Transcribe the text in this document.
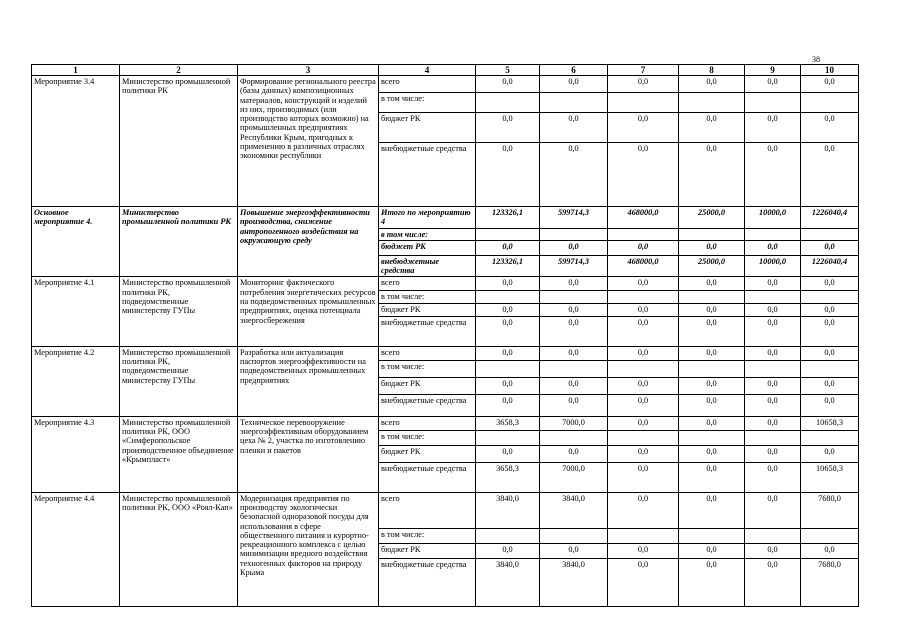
38
1	2	3	4	5	6	7	8	9	10
Мероприятие 3.4	Министерство промышленной политики РК	Формирование регионального реестра (базы данных) композиционных материалов, конструкций и изделий из них, производимых (или производство которых возможно) на промышленных предприятиях Республики Крым, пригодных к применению в различных отраслях экономики республики	всего	0,0	0,0	0,0	0,0	0,0	0,0
			в том числе:						
			бюджет РК	0,0	0,0	0,0	0,0	0,0	0,0
			внебюджетные средства	0,0	0,0	0,0	0,0	0,0	0,0
Основное мероприятие 4.	Министерство промышленной политики РК	Повышение энергоэффективности производства, снижение антропогенного воздействия на окружающую среду	Итого по мероприятию 4	123326,1	599714,3	468000,0	25000,0	10000,0	1226040,4
			в том числе:						
			бюджет РК	0,0	0,0	0,0	0,0	0,0	0,0
			внебюджетные средства	123326,1	599714,3	468000,0	25000,0	10000,0	1226040,4
Мероприятие 4.1	Министерство промышленной политики РК, подведомственные министерству ГУПы	Мониторинг фактического потребления энергетических ресурсов на подведомственных промышленных предприятиях, оценка потенциала энергосбережения	всего	0,0	0,0	0,0	0,0	0,0	0,0
			в том числе:						
			бюджет РК	0,0	0,0	0,0	0,0	0,0	0,0
			внебюджетные средства	0,0	0,0	0,0	0,0	0,0	0,0
Мероприятие 4.2	Министерство промышленной политики РК, подведомственные министерству ГУПы	Разработка или актуализация паспортов энергоэффективности на подведомственных промышленных предприятиях	всего	0,0	0,0	0,0	0,0	0,0	0,0
			в том числе:						
			бюджет РК	0,0	0,0	0,0	0,0	0,0	0,0
			внебюджетные средства	0,0	0,0	0,0	0,0	0,0	0,0
Мероприятие 4.3	Министерство промышленной политики РК, ООО «Симферопольское производственное объединение «Крымпласт»	Техническое перевооружение энергоэффективным оборудованием цеха № 2, участка по изготовлению пленки и пакетов	всего	3658,3	7000,0	0,0	0,0	0,0	10658,3
			в том числе:						
			бюджет РК	0,0	0,0	0,0	0,0	0,0	0,0
			внебюджетные средства	3658,3	7000,0	0,0	0,0	0,0	10658,3
Мероприятие 4.4	Министерство промышленной политики РК, ООО «Роял-Кап»	Модернизация предприятия по производству экологически безопасной одноразовой посуды для использования в сфере общественного питания и курортно-рекреационного комплекса с целью минимизации вредного воздействия техногенных факторов на природу Крыма	всего	3840,0	3840,0	0,0	0,0	0,0	7680,0
			в том числе:						
			бюджет РК	0,0	0,0	0,0	0,0	0,0	0,0
			внебюджетные средства	3840,0	3840,0	0,0	0,0	0,0	7680,0
